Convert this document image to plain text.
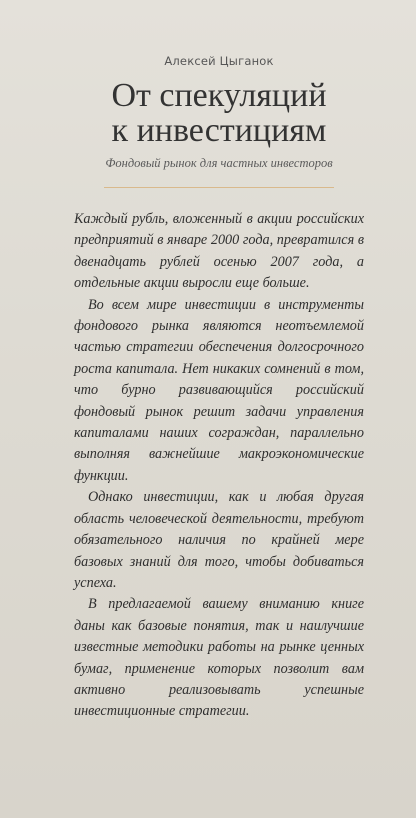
Алексей Цыганок
От спекуляций
к инвестициям
Фондовый рынок для частных инвесторов

Каждый рубль, вложенный в акции российских предприятий в январе 2000 года, превратился в двенадцать рублей осенью 2007 года, а отдельные акции выросли еще больше.

Во всем мире инвестиции в инструменты фондового рынка являются неотъемлемой частью стратегии обеспечения долгосрочного роста капитала. Нет никаких сомнений в том, что бурно развивающийся российский фондовый рынок решит задачи управления капиталами наших сограждан, параллельно выполняя важнейшие макроэкономические функции.

Однако инвестиции, как и любая другая область человеческой деятельности, требуют обязательного наличия по крайней мере базовых знаний для того, чтобы добиваться успеха.

В предлагаемой вашему вниманию книге даны как базовые понятия, так и наилучшие известные методики работы на рынке ценных бумаг, применение которых позволит вам активно реализовывать успешные инвестиционные стратегии.
